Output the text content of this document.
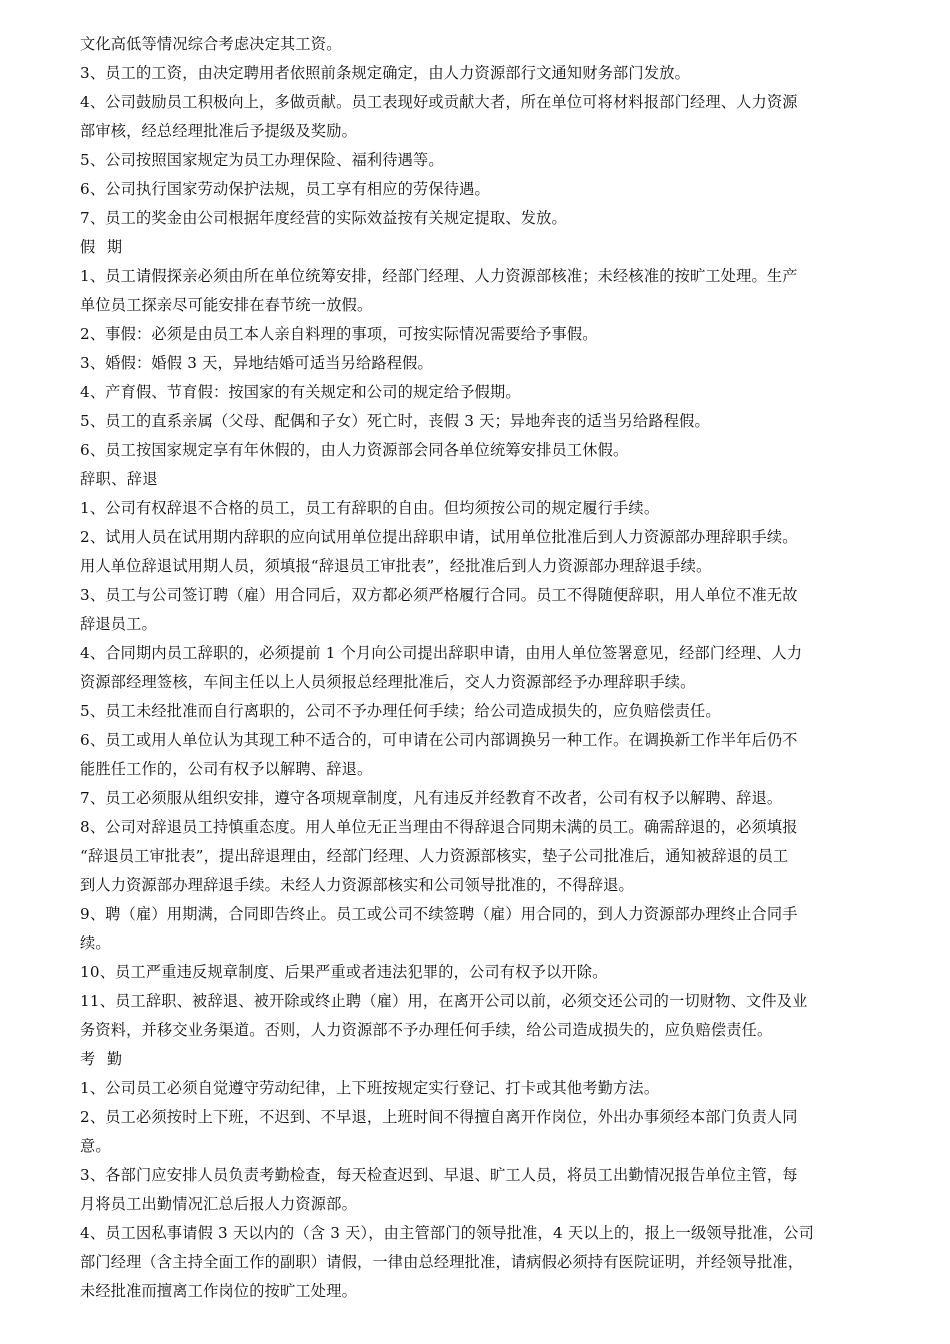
文化高低等情况综合考虑决定其工资。
3、员工的工资，由决定聘用者依照前条规定确定，由人力资源部行文通知财务部门发放。
4、公司鼓励员工积极向上，多做贡献。员工表现好或贡献大者，所在单位可将材料报部门经理、人力资源
部审核，经总经理批准后予提级及奖励。
5、公司按照国家规定为员工办理保险、福利待遇等。
6、公司执行国家劳动保护法规，员工享有相应的劳保待遇。
7、员工的奖金由公司根据年度经营的实际效益按有关规定提取、发放。
假 期
1、员工请假探亲必须由所在单位统筹安排，经部门经理、人力资源部核准；未经核准的按旷工处理。生产
单位员工探亲尽可能安排在春节统一放假。
2、事假：必须是由员工本人亲自料理的事项，可按实际情况需要给予事假。
3、婚假：婚假 3 天，异地结婚可适当另给路程假。
4、产育假、节育假：按国家的有关规定和公司的规定给予假期。
5、员工的直系亲属（父母、配偶和子女）死亡时，丧假 3 天；异地奔丧的适当另给路程假。
6、员工按国家规定享有年休假的，由人力资源部会同各单位统筹安排员工休假。
辞职、辞退
1、公司有权辞退不合格的员工，员工有辞职的自由。但均须按公司的规定履行手续。
2、试用人员在试用期内辞职的应向试用单位提出辞职申请，试用单位批准后到人力资源部办理辞职手续。
用人单位辞退试用期人员，须填报“辞退员工审批表”，经批准后到人力资源部办理辞退手续。
3、员工与公司签订聘（雇）用合同后，双方都必须严格履行合同。员工不得随便辞职，用人单位不准无故
辞退员工。
4、合同期内员工辞职的，必须提前 1 个月向公司提出辞职申请，由用人单位签署意见，经部门经理、人力
资源部经理签核，车间主任以上人员须报总经理批准后，交人力资源部经予办理辞职手续。
5、员工未经批准而自行离职的，公司不予办理任何手续；给公司造成损失的，应负赔偿责任。
6、员工或用人单位认为其现工种不适合的，可申请在公司内部调换另一种工作。在调换新工作半年后仍不
能胜任工作的，公司有权予以解聘、辞退。
7、员工必须服从组织安排，遵守各项规章制度，凡有违反并经教育不改者，公司有权予以解聘、辞退。
8、公司对辞退员工持慎重态度。用人单位无正当理由不得辞退合同期未满的员工。确需辞退的，必须填报
“辞退员工审批表”，提出辞退理由，经部门经理、人力资源部核实，垫子公司批准后，通知被辞退的员工
到人力资源部办理辞退手续。未经人力资源部核实和公司领导批准的，不得辞退。
9、聘（雇）用期满，合同即告终止。员工或公司不续签聘（雇）用合同的，到人力资源部办理终止合同手
续。
10、员工严重违反规章制度、后果严重或者违法犯罪的，公司有权予以开除。
11、员工辞职、被辞退、被开除或终止聘（雇）用，在离开公司以前，必须交还公司的一切财物、文件及业
务资料，并移交业务渠道。否则，人力资源部不予办理任何手续，给公司造成损失的，应负赔偿责任。
考 勤
1、公司员工必须自觉遵守劳动纪律，上下班按规定实行登记、打卡或其他考勤方法。
2、员工必须按时上下班，不迟到、不早退，上班时间不得擅自离开作岗位，外出办事须经本部门负责人同
意。
3、各部门应安排人员负责考勤检查，每天检查迟到、早退、旷工人员，将员工出勤情况报告单位主管，每
月将员工出勤情况汇总后报人力资源部。
4、员工因私事请假 3 天以内的（含 3 天），由主管部门的领导批准，4 天以上的，报上一级领导批准，公司
部门经理（含主持全面工作的副职）请假，一律由总经理批准，请病假必须持有医院证明，并经领导批准，
未经批准而擅离工作岗位的按旷工处理。
